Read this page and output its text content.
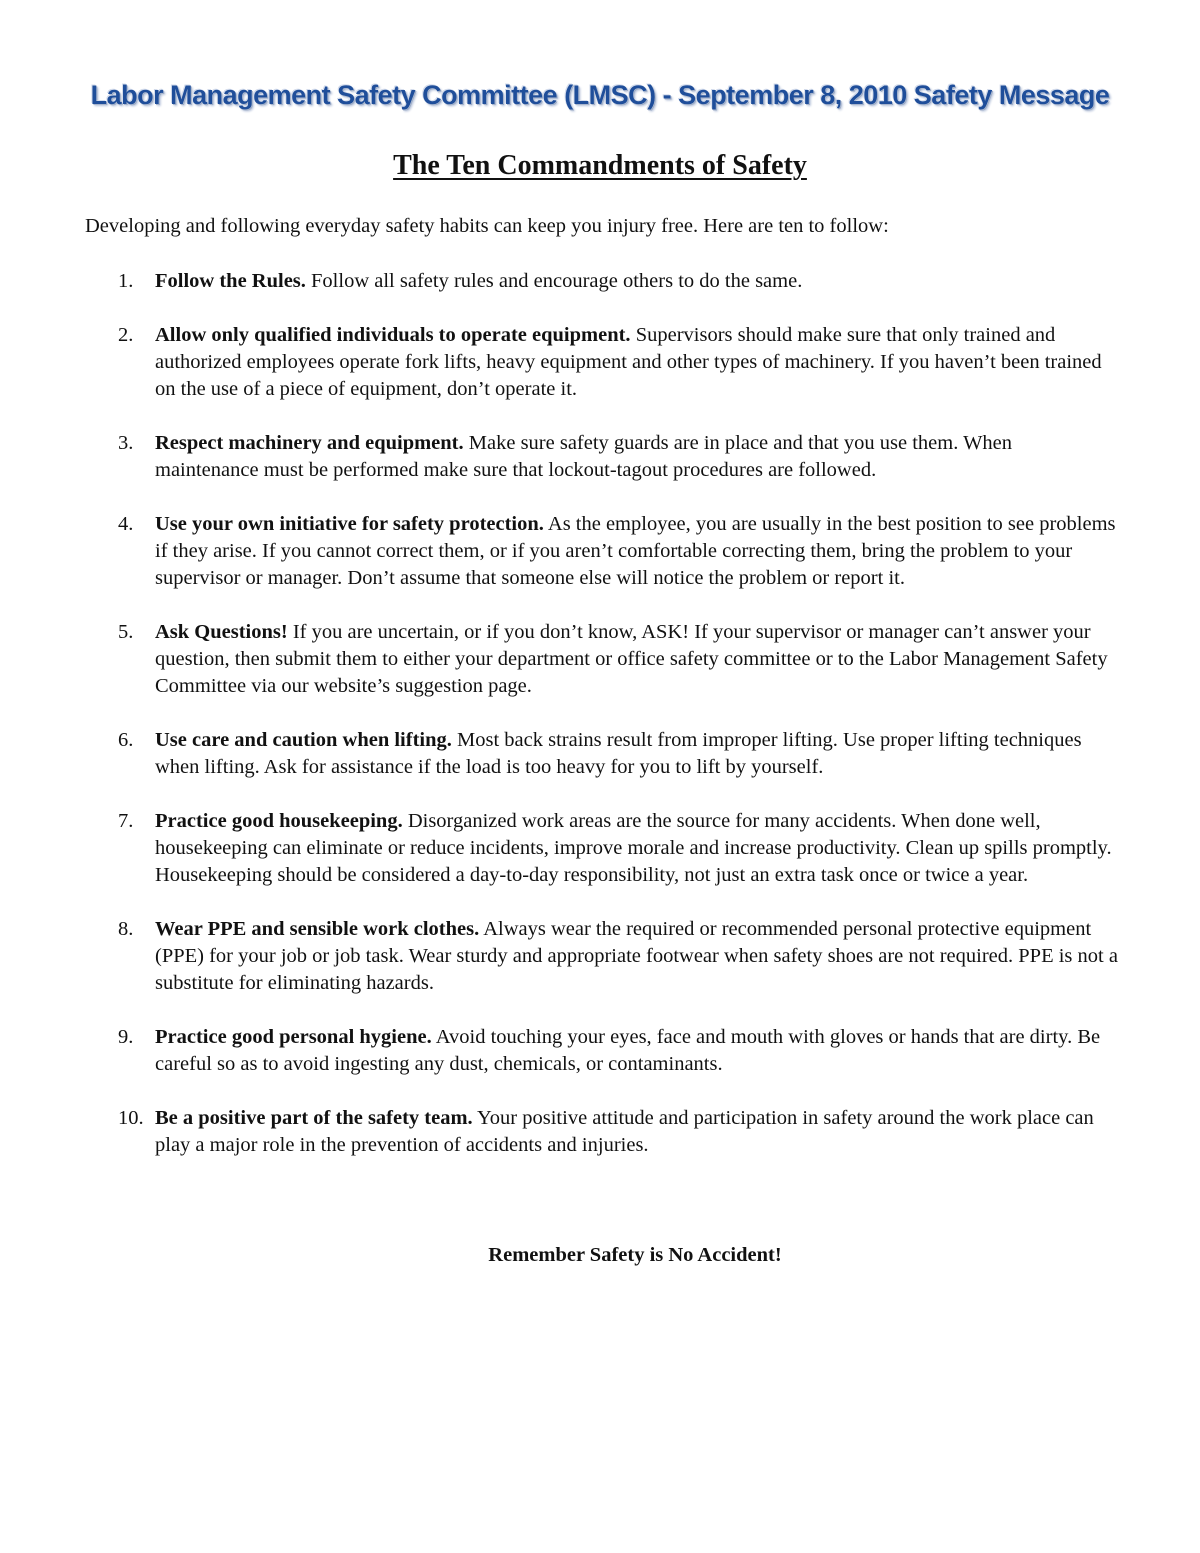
Labor Management Safety Committee (LMSC) - September 8, 2010 Safety Message
The Ten Commandments of Safety
Developing and following everyday safety habits can keep you injury free. Here are ten to follow:
1. Follow the Rules. Follow all safety rules and encourage others to do the same.
2. Allow only qualified individuals to operate equipment. Supervisors should make sure that only trained and authorized employees operate fork lifts, heavy equipment and other types of machinery. If you haven’t been trained on the use of a piece of equipment, don’t operate it.
3. Respect machinery and equipment. Make sure safety guards are in place and that you use them. When maintenance must be performed make sure that lockout-tagout procedures are followed.
4. Use your own initiative for safety protection. As the employee, you are usually in the best position to see problems if they arise. If you cannot correct them, or if you aren’t comfortable correcting them, bring the problem to your supervisor or manager. Don’t assume that someone else will notice the problem or report it.
5. Ask Questions! If you are uncertain, or if you don’t know, ASK! If your supervisor or manager can’t answer your question, then submit them to either your department or office safety committee or to the Labor Management Safety Committee via our website’s suggestion page.
6. Use care and caution when lifting. Most back strains result from improper lifting. Use proper lifting techniques when lifting. Ask for assistance if the load is too heavy for you to lift by yourself.
7. Practice good housekeeping. Disorganized work areas are the source for many accidents. When done well, housekeeping can eliminate or reduce incidents, improve morale and increase productivity. Clean up spills promptly. Housekeeping should be considered a day-to-day responsibility, not just an extra task once or twice a year.
8. Wear PPE and sensible work clothes. Always wear the required or recommended personal protective equipment (PPE) for your job or job task. Wear sturdy and appropriate footwear when safety shoes are not required. PPE is not a substitute for eliminating hazards.
9. Practice good personal hygiene. Avoid touching your eyes, face and mouth with gloves or hands that are dirty. Be careful so as to avoid ingesting any dust, chemicals, or contaminants.
10. Be a positive part of the safety team. Your positive attitude and participation in safety around the work place can play a major role in the prevention of accidents and injuries.
Remember Safety is No Accident!
